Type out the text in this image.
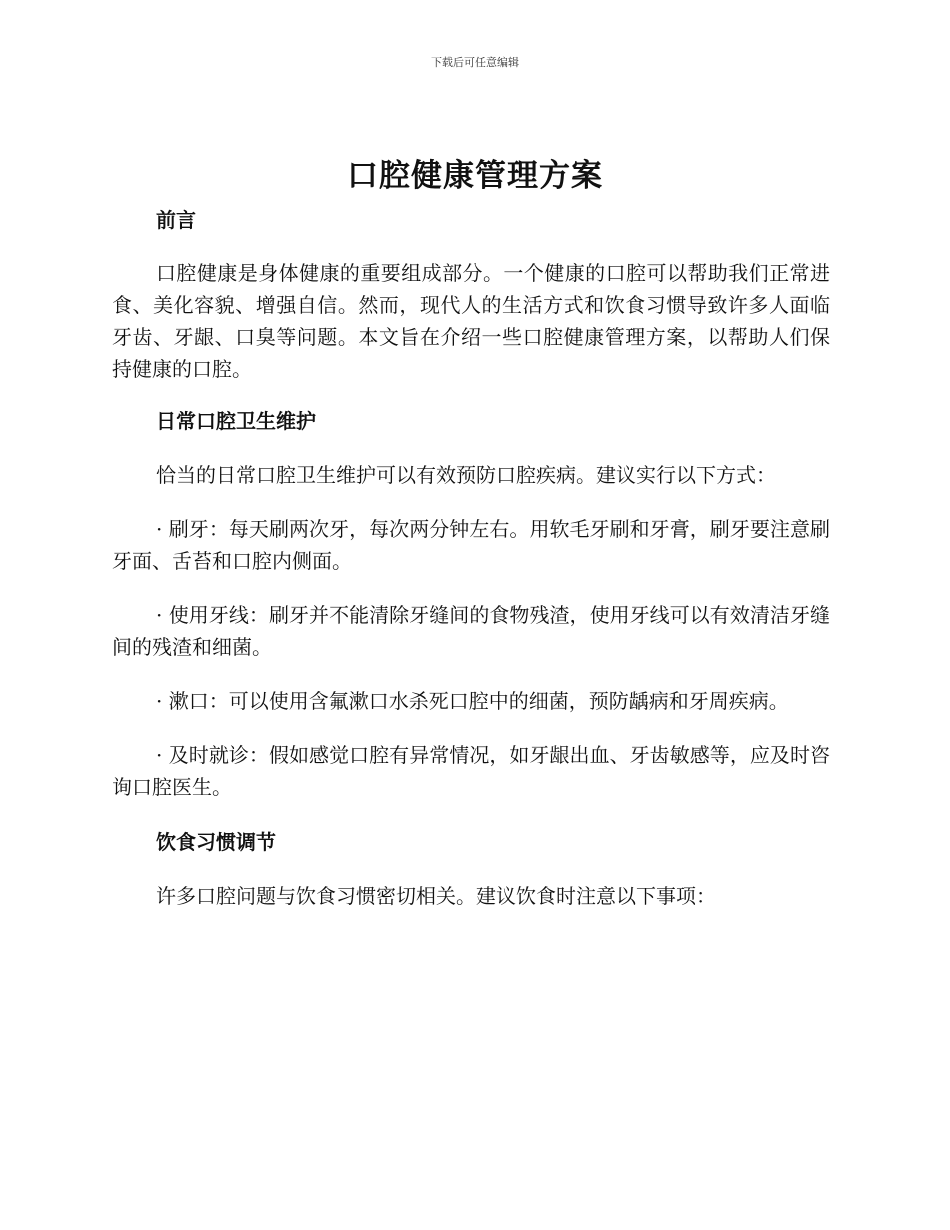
下载后可任意编辑
口腔健康管理方案

前言

口腔健康是身体健康的重要组成部分。一个健康的口腔可以帮助我们正常进食、美化容貌、增强自信。然而，现代人的生活方式和饮食习惯导致许多人面临牙齿、牙龈、口臭等问题。本文旨在介绍一些口腔健康管理方案，以帮助人们保持健康的口腔。

日常口腔卫生维护

恰当的日常口腔卫生维护可以有效预防口腔疾病。建议实行以下方式：

· 刷牙：每天刷两次牙，每次两分钟左右。用软毛牙刷和牙膏，刷牙要注意刷牙面、舌苔和口腔内侧面。

· 使用牙线：刷牙并不能清除牙缝间的食物残渣，使用牙线可以有效清洁牙缝间的残渣和细菌。

· 漱口：可以使用含氟漱口水杀死口腔中的细菌，预防龋病和牙周疾病。

· 及时就诊：假如感觉口腔有异常情况，如牙龈出血、牙齿敏感等，应及时咨询口腔医生。

饮食习惯调节

许多口腔问题与饮食习惯密切相关。建议饮食时注意以下事项：
